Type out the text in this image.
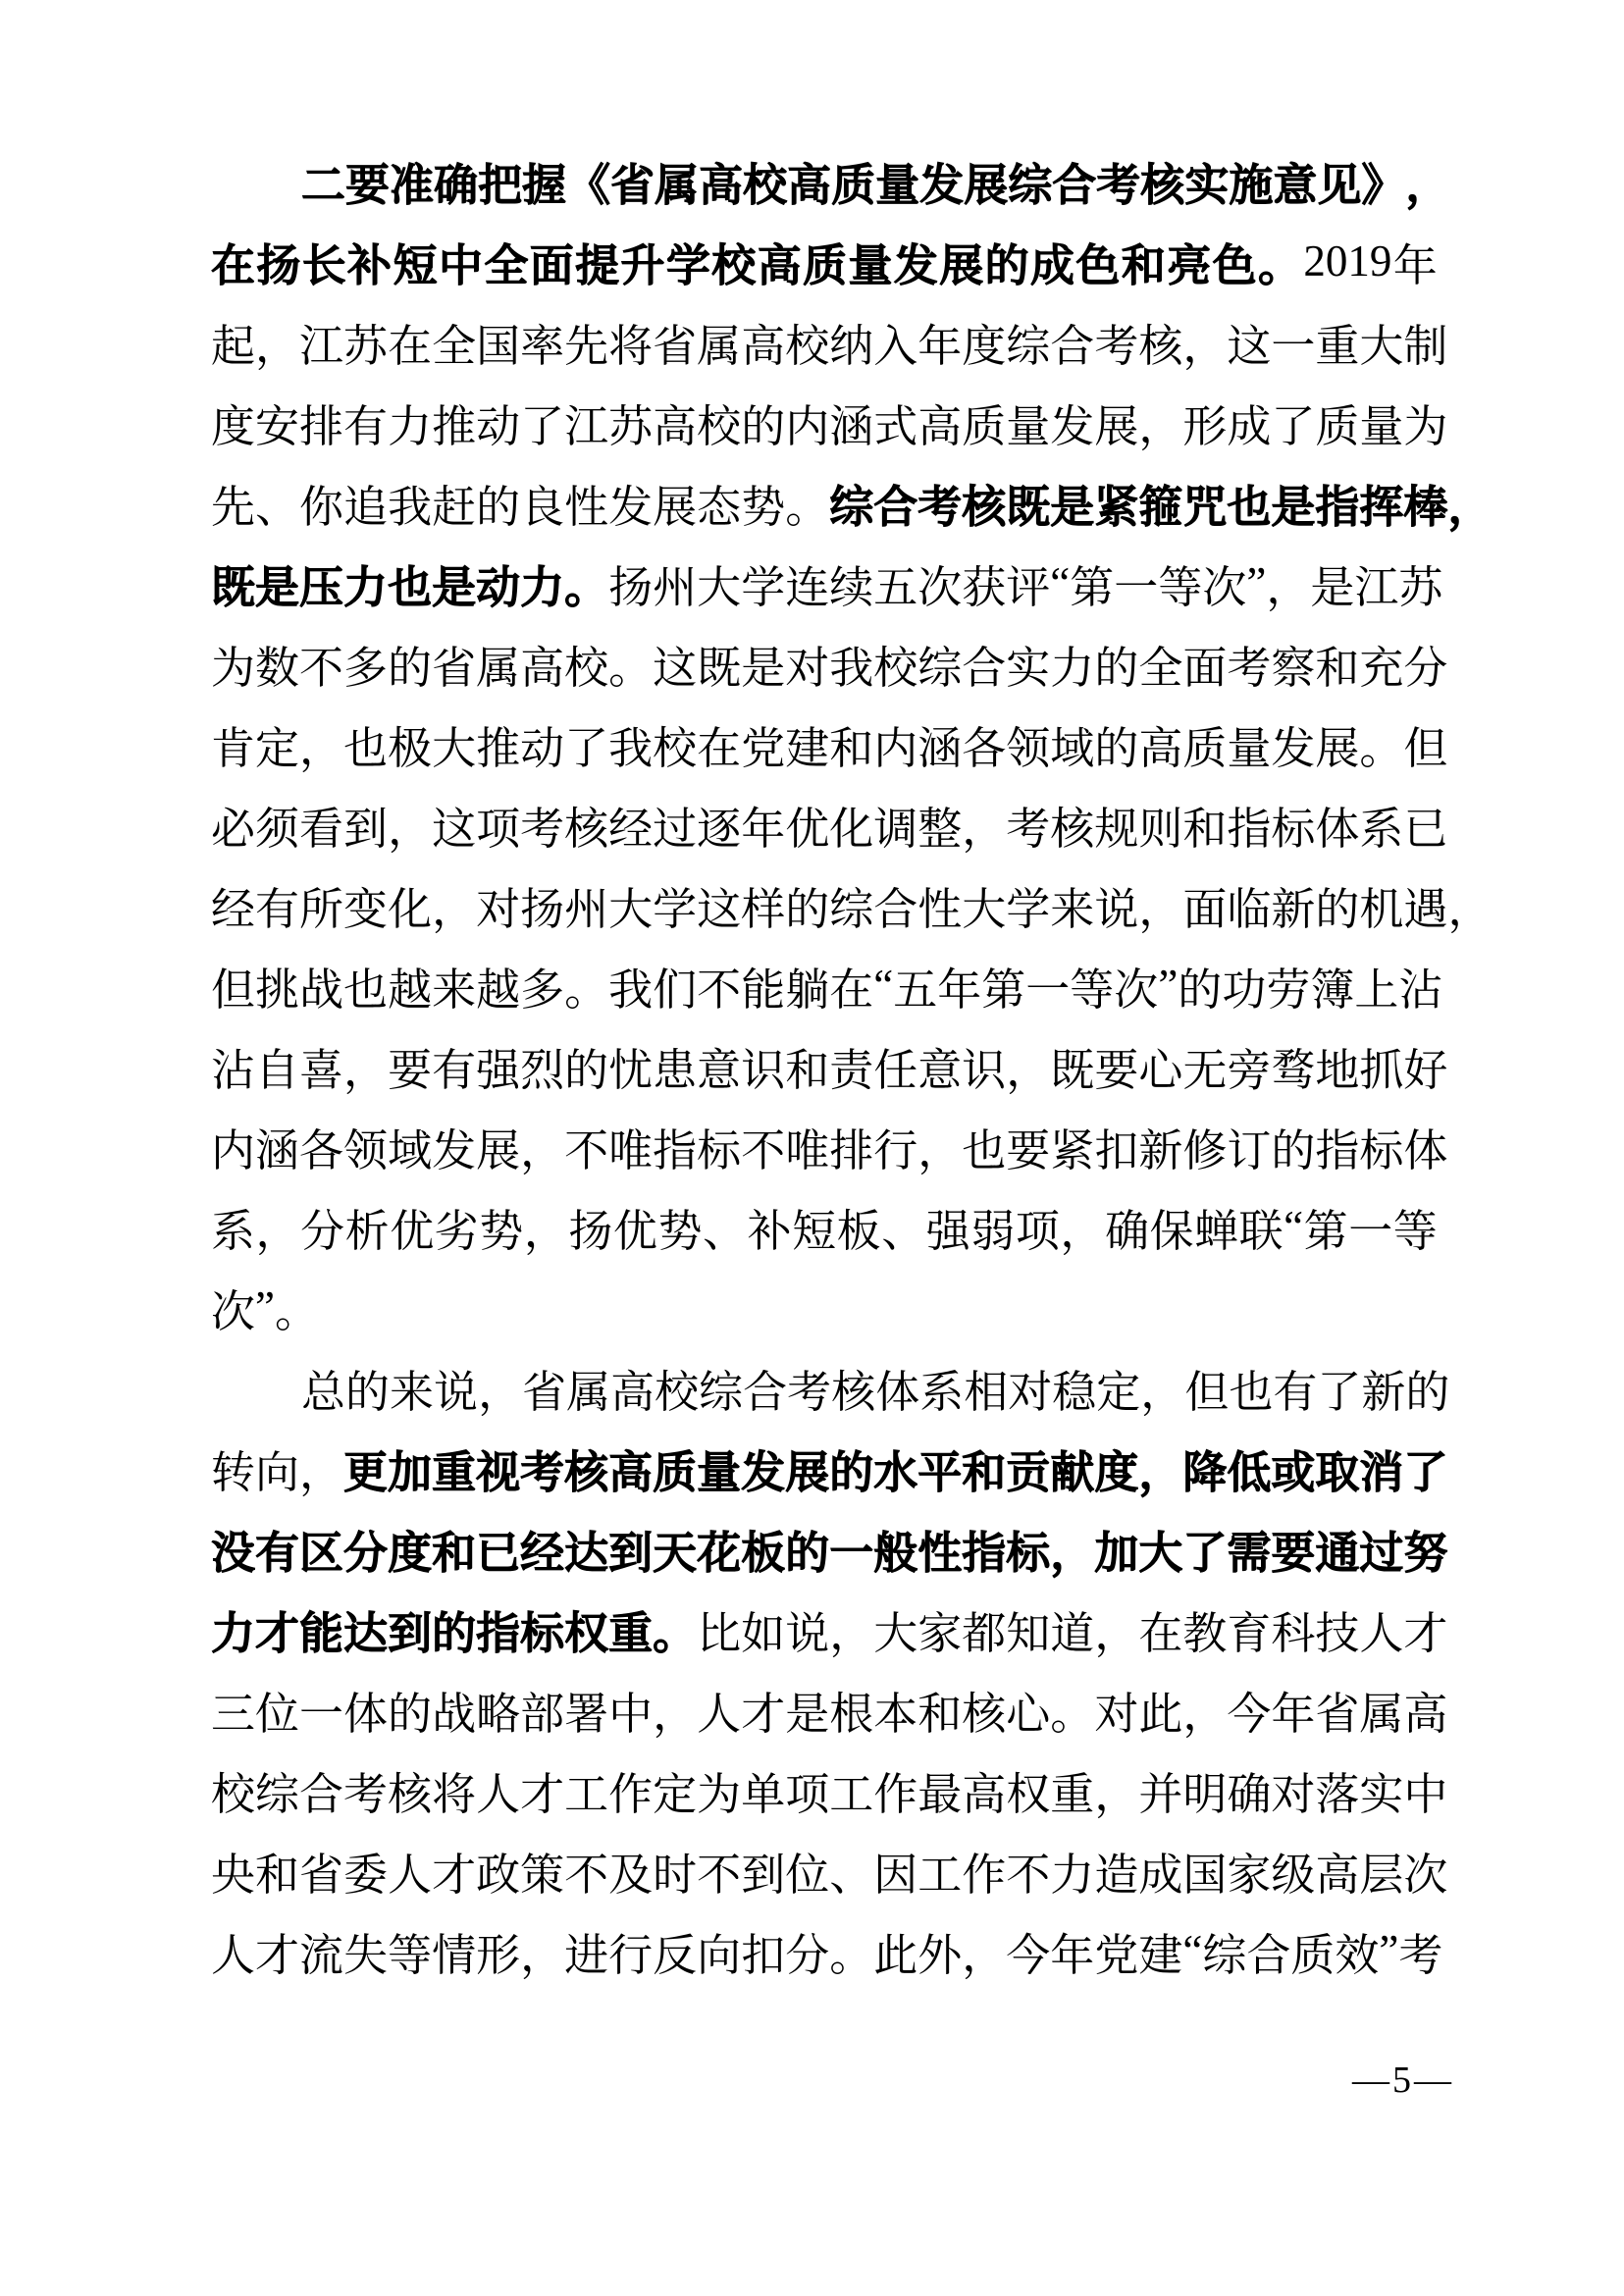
二 要 准 确 把 握 《 省 属 高 校 高 质 量 发 展 综 合 考 核 实 施 意 见 》 ，
在 扬 长 补 短 中 全 面 提 升 学 校 高 质 量 发 展 的 成 色 和 亮 色 。 2019 年
起 ， 江 苏 在 全 国 率 先 将 省 属 高 校 纳 入 年 度 综 合 考 核 ， 这 一 重 大 制
度 安 排 有 力 推 动 了 江 苏 高 校 的 内 涵 式 高 质 量 发 展 ， 形 成 了 质 量 为
先 、 你 追 我 赶 的 良 性 发 展 态 势 。 综 合 考 核 既 是 紧 箍 咒 也 是 指 挥 棒 ，
既 是 压 力 也 是 动 力 。 扬 州 大 学 连 续 五 次 获 评 “ 第 一 等 次 ” ， 是 江 苏
为 数 不 多 的 省 属 高 校 。 这 既 是 对 我 校 综 合 实 力 的 全 面 考 察 和 充 分
肯 定 ， 也 极 大 推 动 了 我 校 在 党 建 和 内 涵 各 领 域 的 高 质 量 发 展 。 但
必 须 看 到 ， 这 项 考 核 经 过 逐 年 优 化 调 整 ， 考 核 规 则 和 指 标 体 系 已
经 有 所 变 化 ， 对 扬 州 大 学 这 样 的 综 合 性 大 学 来 说 ， 面 临 新 的 机 遇 ，
但 挑 战 也 越 来 越 多 。 我 们 不 能 躺 在 “ 五 年 第 一 等 次 ” 的 功 劳 簿 上 沾
沾 自 喜 ， 要 有 强 烈 的 忧 患 意 识 和 责 任 意 识 ， 既 要 心 无 旁 骛 地 抓 好
内 涵 各 领 域 发 展 ， 不 唯 指 标 不 唯 排 行 ， 也 要 紧 扣 新 修 订 的 指 标 体
系 ， 分 析 优 劣 势 ， 扬 优 势 、 补 短 板 、 强 弱 项 ， 确 保 蝉 联 “ 第 一 等
次 ” 。
总 的 来 说 ， 省 属 高 校 综 合 考 核 体 系 相 对 稳 定 ， 但 也 有 了 新 的
转 向 ， 更 加 重 视 考 核 高 质 量 发 展 的 水 平 和 贡 献 度 ， 降 低 或 取 消 了
没 有 区 分 度 和 已 经 达 到 天 花 板 的 一 般 性 指 标 ， 加 大 了 需 要 通 过 努
力 才 能 达 到 的 指 标 权 重 。 比 如 说 ， 大 家 都 知 道 ， 在 教 育 科 技 人 才
三 位 一 体 的 战 略 部 署 中 ， 人 才 是 根 本 和 核 心 。 对 此 ， 今 年 省 属 高
校 综 合 考 核 将 人 才 工 作 定 为 单 项 工 作 最 高 权 重 ， 并 明 确 对 落 实 中
央 和 省 委 人 才 政 策 不 及 时 不 到 位 、 因 工 作 不 力 造 成 国 家 级 高 层 次
人 才 流 失 等 情 形 ， 进 行 反 向 扣 分 。 此 外 ， 今 年 党 建 “ 综 合 质 效 ” 考
—5—
